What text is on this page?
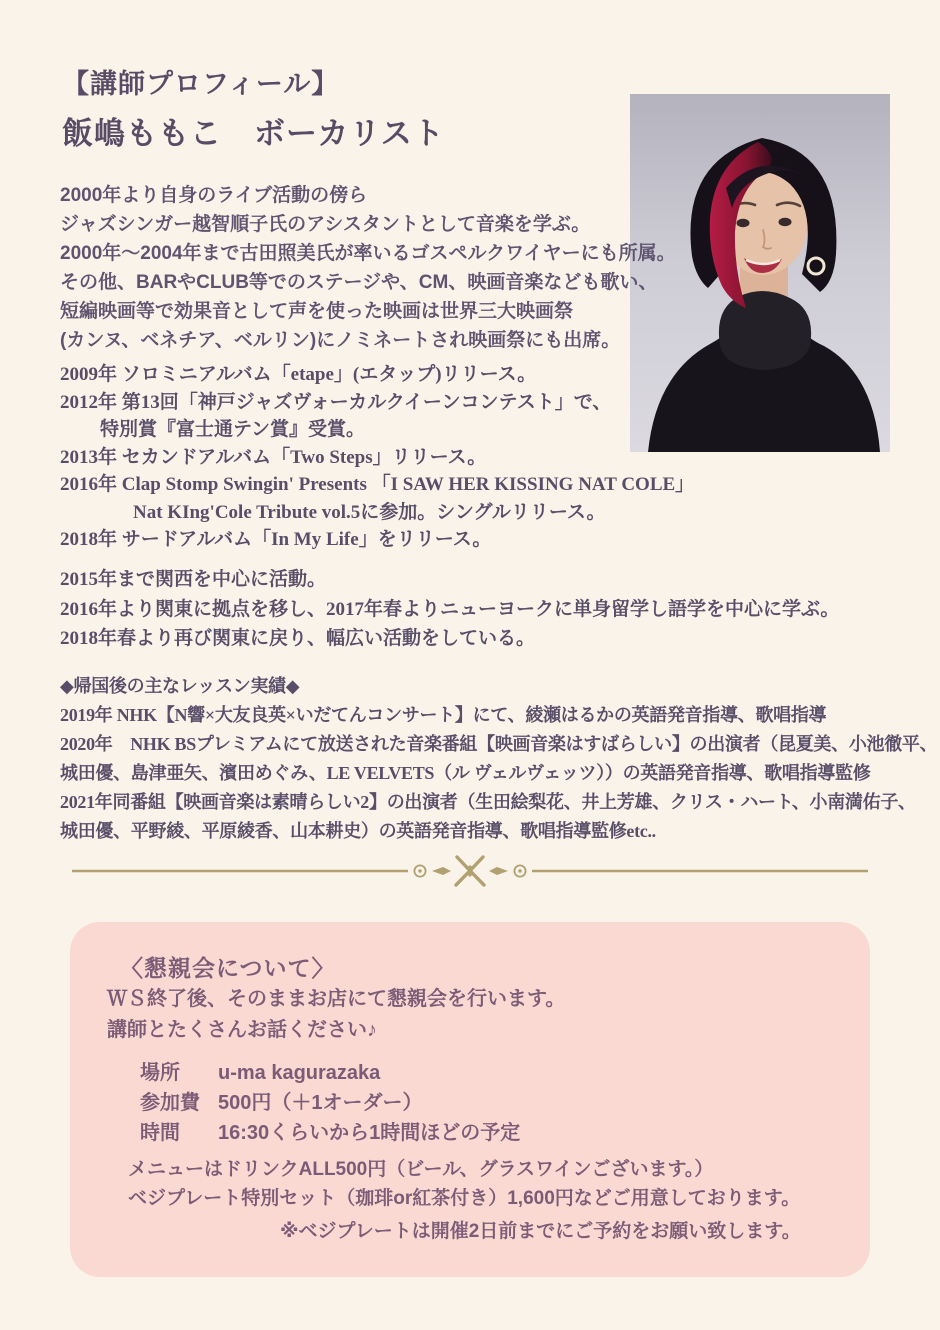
【講師プロフィール】
飯嶋ももこ　ボーカリスト
2000年より自身のライブ活動の傍ら
ジャズシンガー越智順子氏のアシスタントとして音楽を学ぶ。
2000年〜2004年まで古田照美氏が率いるゴスペルクワイヤーにも所属。
その他、BARやCLUB等でのステージや、CM、映画音楽なども歌い、
短編映画等で効果音として声を使った映画は世界三大映画祭
(カンヌ、ベネチア、ベルリン)にノミネートされ映画祭にも出席。
2009年 ソロミニアルバム「etape」(エタップ)リリース。
2012年 第13回「神戸ジャズヴォーカルクイーンコンテスト」で、
特別賞『富士通テン賞』受賞。
2013年 セカンドアルバム「Two Steps」リリース。
2016年 Clap Stomp Swingin' Presents 「I SAW HER KISSING NAT COLE」
Nat KIng'Cole Tribute vol.5に参加。シングルリリース。
2018年 サードアルバム「In My Life」をリリース。
2015年まで関西を中心に活動。
2016年より関東に拠点を移し、2017年春よりニューヨークに単身留学し語学を中心に学ぶ。
2018年春より再び関東に戻り、幅広い活動をしている。
◆帰国後の主なレッスン実績◆
2019年 NHK【N響×大友良英×いだてんコンサート】にて、綾瀬はるかの英語発音指導、歌唱指導
2020年　NHK BSプレミアムにて放送された音楽番組【映画音楽はすばらしい】の出演者（昆夏美、小池徹平、
城田優、島津亜矢、濱田めぐみ、LE VELVETS（ル ヴェルヴェッツ））の英語発音指導、歌唱指導監修
2021年同番組【映画音楽は素晴らしい2】の出演者（生田絵梨花、井上芳雄、クリス・ハート、小南満佑子、
城田優、平野綾、平原綾香、山本耕史）の英語発音指導、歌唱指導監修etc..
〈懇親会について〉
ＷＳ終了後、そのままお店にて懇親会を行います。
講師とたくさんお話ください♪
場所	u-ma kagurazaka
参加費 500円（＋1オーダー）
時間	16:30くらいから1時間ほどの予定
メニューはドリンクALL500円（ビール、グラスワインございます。）
ベジプレート特別セット（珈琲or紅茶付き）1,600円などご用意しております。
※ベジプレートは開催2日前までにご予約をお願い致します。
